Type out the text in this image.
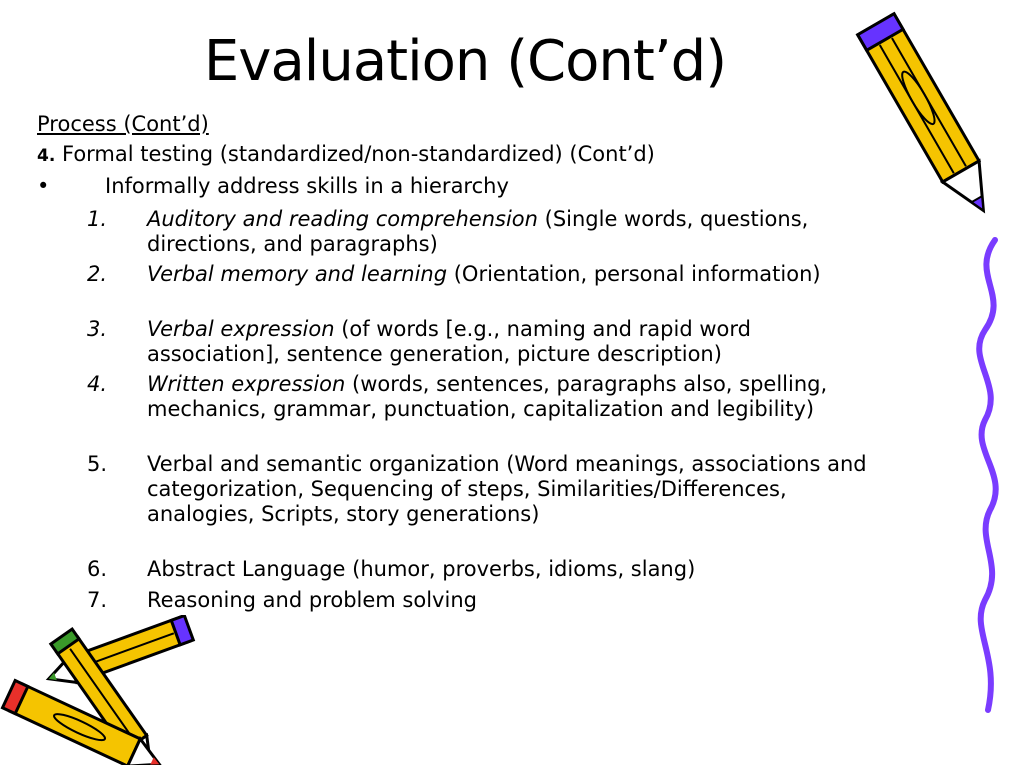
Evaluation (Cont’d)
Process (Cont’d)
4. Formal testing (standardized/non-standardized) (Cont’d)
•	Informally address skills in a hierarchy
1.	Auditory and reading comprehension (Single words, questions, directions, and paragraphs)
2.	Verbal memory and learning (Orientation, personal information)
3.	Verbal expression (of words [e.g., naming and rapid word association], sentence generation, picture description)
4.	Written expression (words, sentences, paragraphs also, spelling, mechanics, grammar, punctuation, capitalization and legibility)
5.	Verbal and semantic organization (Word meanings, associations and categorization, Sequencing of steps, Similarities/Differences, analogies, Scripts, story generations)
6.	Abstract Language (humor, proverbs, idioms, slang)
7.	Reasoning and problem solving
